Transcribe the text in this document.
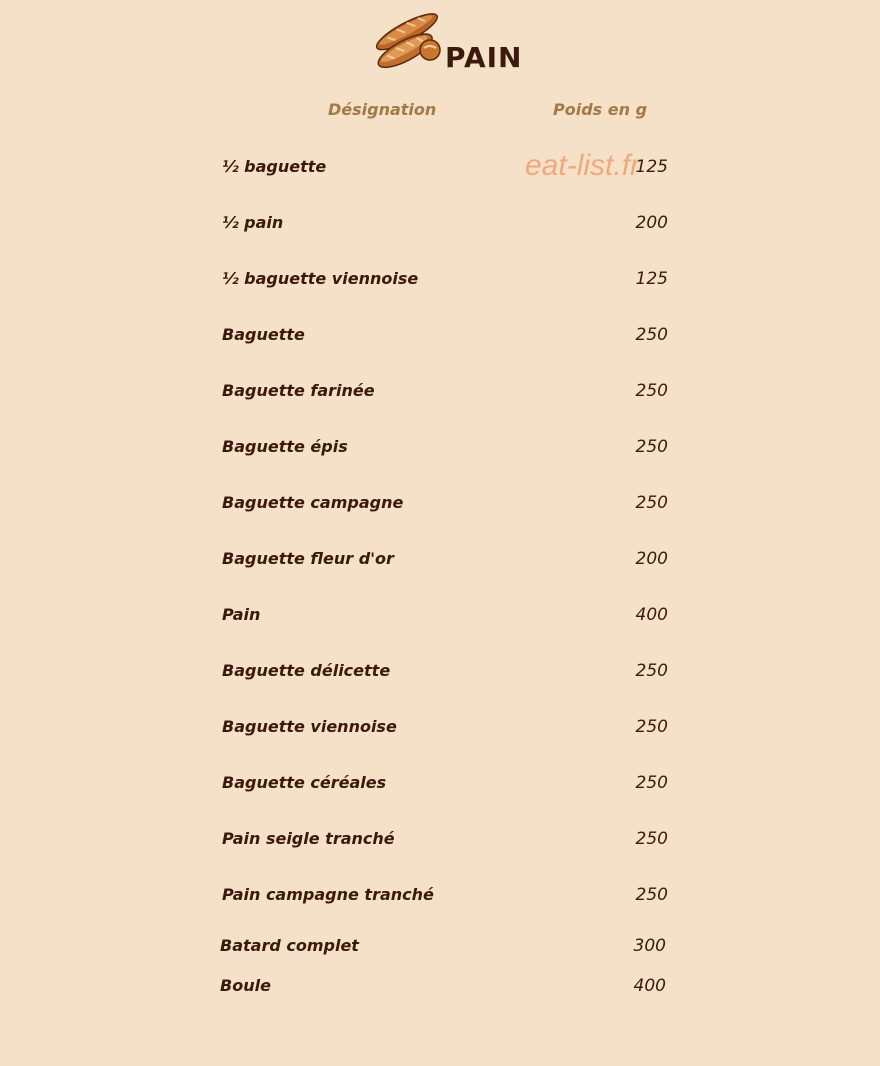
PAIN
Désignation	Poids en g
eat-list.fr
½ baguette	125
½ pain	200
½ baguette viennoise	125
Baguette	250
Baguette farinée	250
Baguette épis	250
Baguette campagne	250
Baguette fleur d'or	200
Pain	400
Baguette délicette	250
Baguette viennoise	250
Baguette céréales	250
Pain seigle tranché	250
Pain campagne tranché	250
Batard complet	300
Boule	400
